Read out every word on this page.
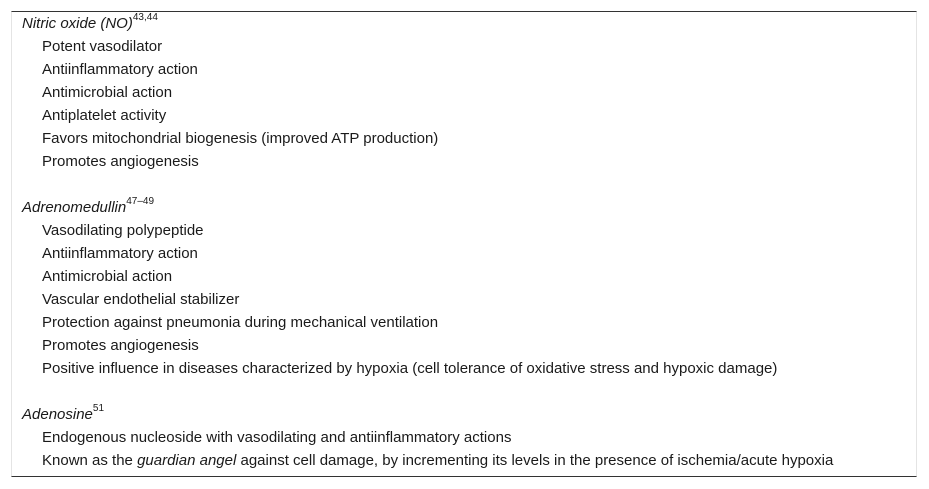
Nitric oxide (NO)$^{43,44}$
Potent vasodilator
Antiinflammatory action
Antimicrobial action
Antiplatelet activity
Favors mitochondrial biogenesis (improved ATP production)
Promotes angiogenesis
Adrenomedullin$^{47-49}$
Vasodilating polypeptide
Antiinflammatory action
Antimicrobial action
Vascular endothelial stabilizer
Protection against pneumonia during mechanical ventilation
Promotes angiogenesis
Positive influence in diseases characterized by hypoxia (cell tolerance of oxidative stress and hypoxic damage)
Adenosine$^{51}$
Endogenous nucleoside with vasodilating and antiinflammatory actions
Known as the guardian angel against cell damage, by incrementing its levels in the presence of ischemia/acute hypoxia
